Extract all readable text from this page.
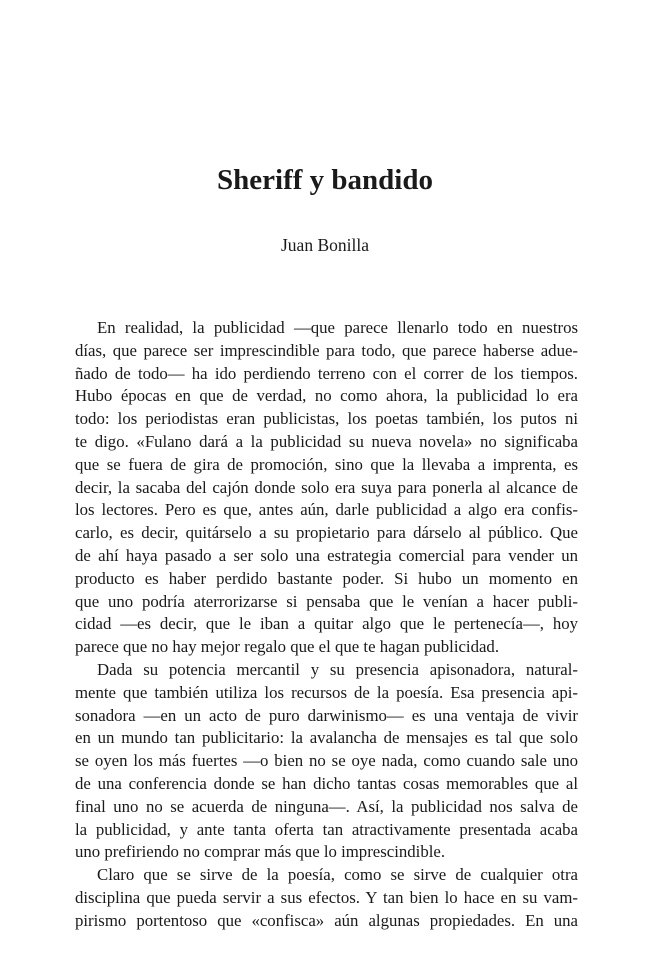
Sheriff y bandido
Juan Bonilla
En realidad, la publicidad —que parece llenarlo todo en nuestros
días, que parece ser imprescindible para todo, que parece haberse adue-
ñado de todo— ha ido perdiendo terreno con el correr de los tiempos.
Hubo épocas en que de verdad, no como ahora, la publicidad lo era
todo: los periodistas eran publicistas, los poetas también, los putos ni
te digo. «Fulano dará a la publicidad su nueva novela» no significaba
que se fuera de gira de promoción, sino que la llevaba a imprenta, es
decir, la sacaba del cajón donde solo era suya para ponerla al alcance de
los lectores. Pero es que, antes aún, darle publicidad a algo era confis-
carlo, es decir, quitárselo a su propietario para dárselo al público. Que
de ahí haya pasado a ser solo una estrategia comercial para vender un
producto es haber perdido bastante poder. Si hubo un momento en
que uno podría aterrorizarse si pensaba que le venían a hacer publi-
cidad —es decir, que le iban a quitar algo que le pertenecía—, hoy
parece que no hay mejor regalo que el que te hagan publicidad.
Dada su potencia mercantil y su presencia apisonadora, natural-
mente que también utiliza los recursos de la poesía. Esa presencia api-
sonadora —en un acto de puro darwinismo— es una ventaja de vivir
en un mundo tan publicitario: la avalancha de mensajes es tal que solo
se oyen los más fuertes —o bien no se oye nada, como cuando sale uno
de una conferencia donde se han dicho tantas cosas memorables que al
final uno no se acuerda de ninguna—. Así, la publicidad nos salva de
la publicidad, y ante tanta oferta tan atractivamente presentada acaba
uno prefiriendo no comprar más que lo imprescindible.
Claro que se sirve de la poesía, como se sirve de cualquier otra
disciplina que pueda servir a sus efectos. Y tan bien lo hace en su vam-
pirismo portentoso que «confisca» aún algunas propiedades. En una
